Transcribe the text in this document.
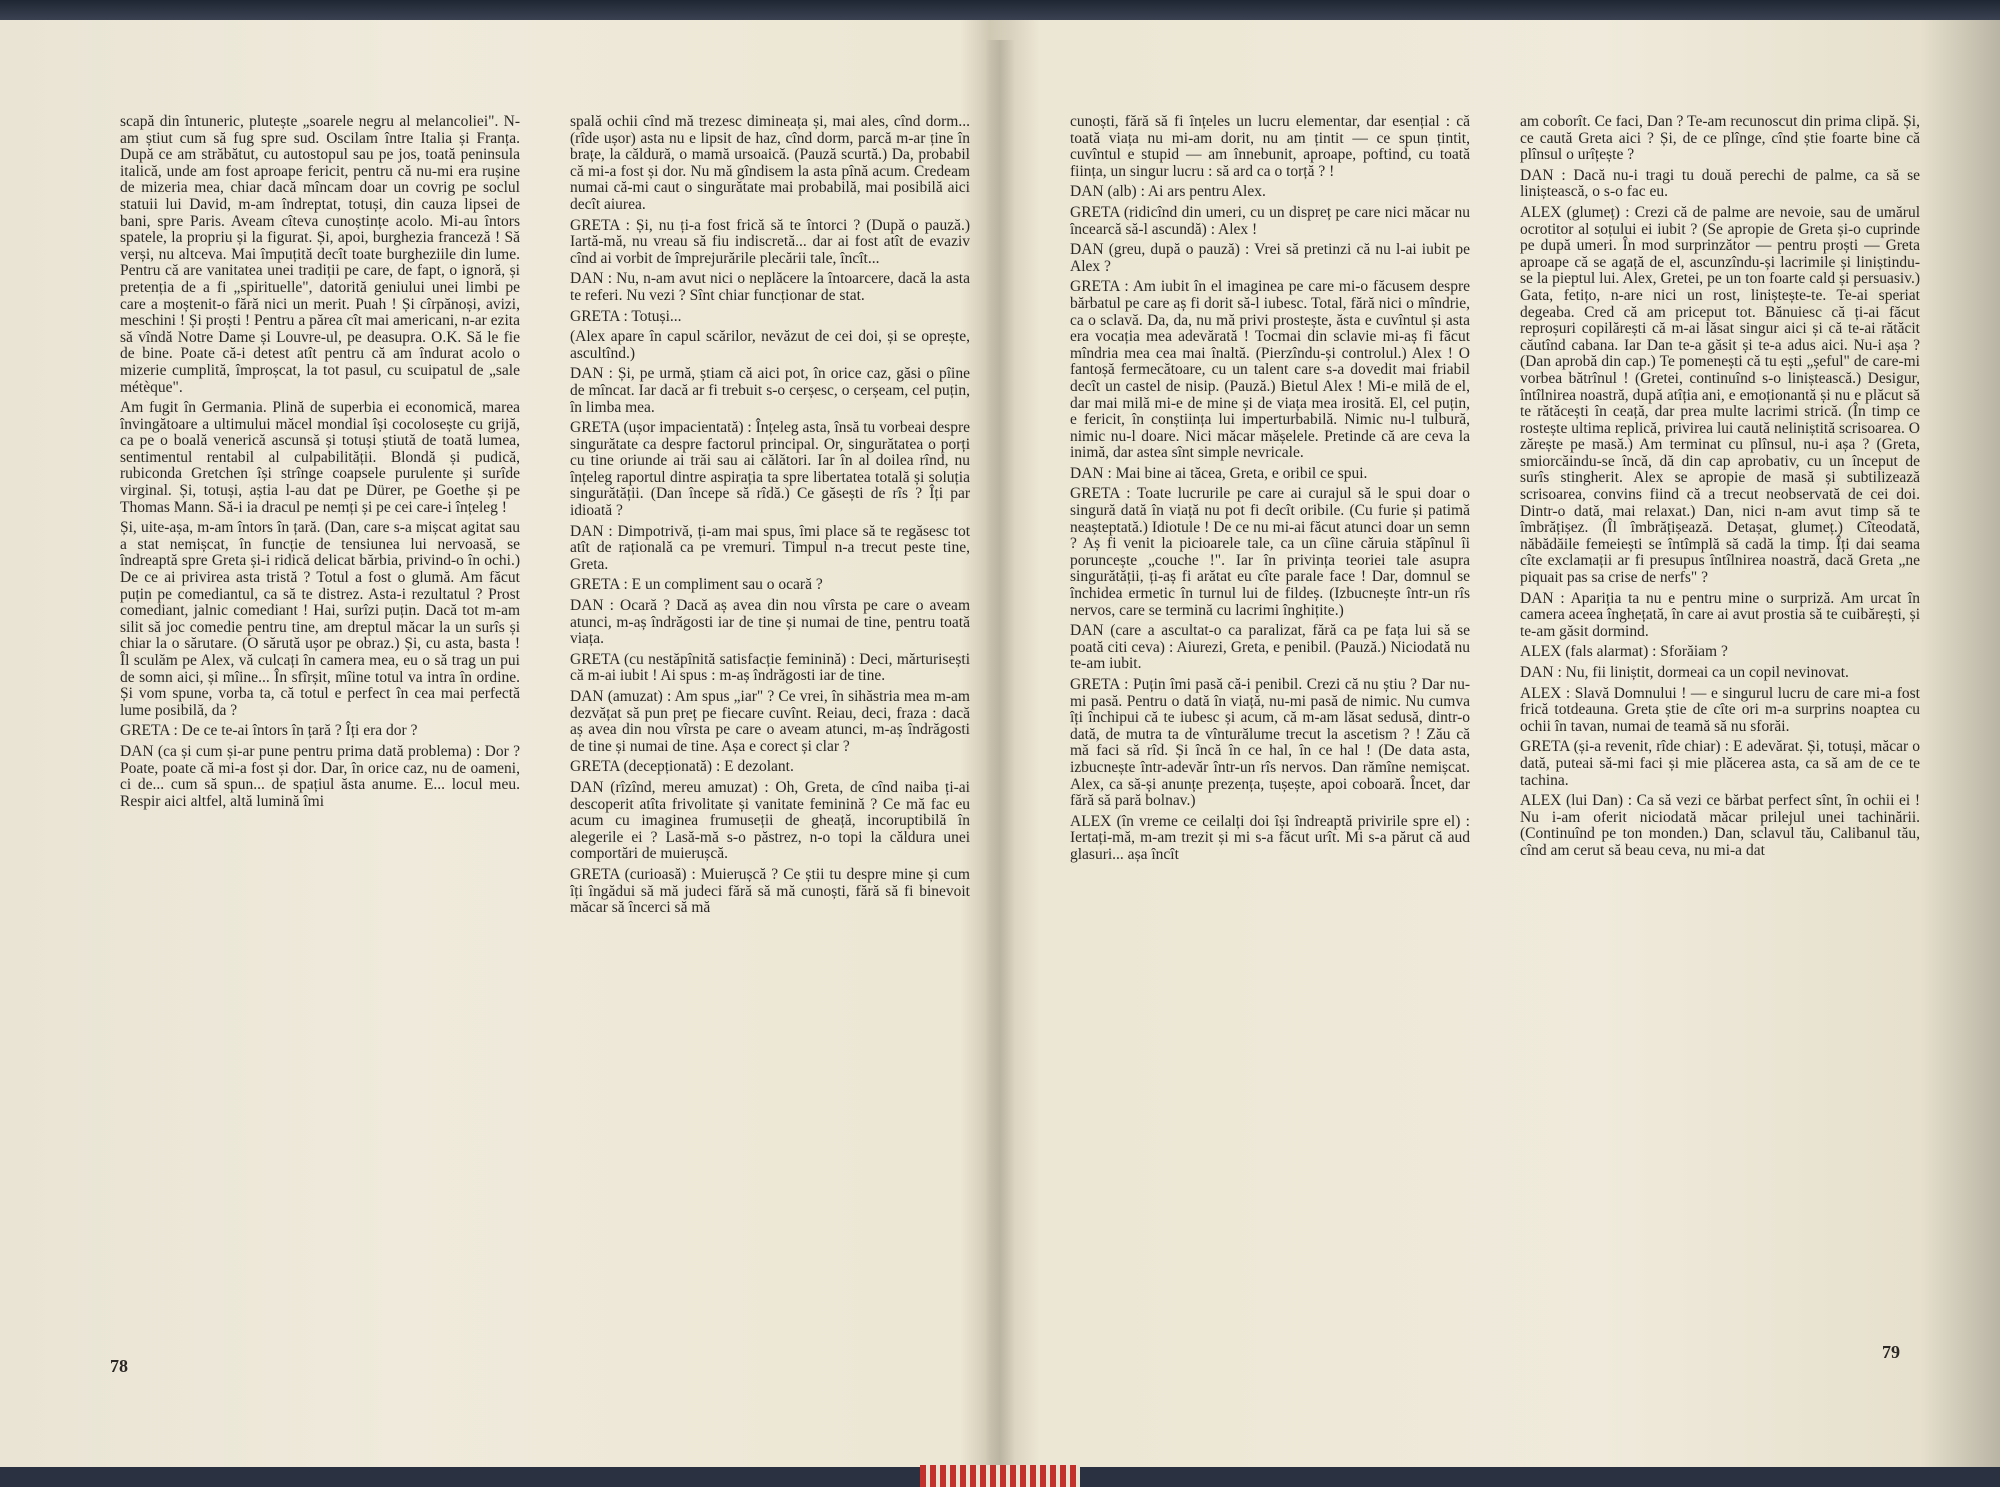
scapă din întuneric, plutește „soarele negru al melancoliei". N-am știut cum să fug spre sud. Oscilam între Italia și Franța. După ce am străbătut, cu autostopul sau pe jos, toată peninsula italică, unde am fost aproape fericit, pentru că nu-mi era rușine de mizeria mea, chiar dacă mîncam doar un covrig pe soclul statuii lui David, m-am îndreptat, totuși, din cauza lipsei de bani, spre Paris. Aveam cîteva cunoștințe acolo. Mi-au întors spatele, la propriu și la figurat. Și, apoi, burghezia franceză ! Să verși, nu altceva. Mai împuțită decît toate burgheziile din lume. Pentru că are vanitatea unei tradiții pe care, de fapt, o ignoră, și pretenția de a fi „spirituelle", datorită geniului unei limbi pe care a moștenit-o fără nici un merit. Puah ! Și cîrpănoși, avizi, meschini ! Și proști ! Pentru a părea cît mai americani, n-ar ezita să vîndă Notre Dame și Louvre-ul, pe deasupra. O.K. Să le fie de bine. Poate că-i detest atît pentru că am îndurat acolo o mizerie cumplită, împroșcat, la tot pasul, cu scuipatul de „sale métèque".

Am fugit în Germania. Plină de superbia ei economică, marea învingătoare a ultimului măcel mondial își cocolosește cu grijă, ca pe o boală venerică ascunsă și totuși știută de toată lumea, sentimentul rentabil al culpabilității. Blondă și pudică, rubiconda Gretchen își strînge coapsele purulente și surîde virginal. Și, totuși, aștia l-au dat pe Dürer, pe Goethe și pe Thomas Mann. Să-i ia dracul pe nemți și pe cei care-i înțeleg !

Și, uite-așa, m-am întors în țară. (Dan, care s-a mișcat agitat sau a stat nemișcat, în funcție de tensiunea lui nervoasă, se îndreaptă spre Greta și-i ridică delicat bărbia, privind-o în ochi.) De ce ai privirea asta tristă ? Totul a fost o glumă. Am făcut puțin pe comediantul, ca să te distrez. Asta-i rezultatul ? Prost comediant, jalnic comediant ! Hai, surîzi puțin. Dacă tot m-am silit să joc comedie pentru tine, am dreptul măcar la un surîs și chiar la o sărutare. (O sărută ușor pe obraz.) Și, cu asta, basta ! Îl sculăm pe Alex, vă culcați în camera mea, eu o să trag un pui de somn aici, și mîine... În sfîrșit, mîine totul va intra în ordine. Și vom spune, vorba ta, că totul e perfect în cea mai perfectă lume posibilă, da ?

GRETA : De ce te-ai întors în țară ? Îți era dor ?

DAN (ca și cum și-ar pune pentru prima dată problema) : Dor ? Poate, poate că mi-a fost și dor. Dar, în orice caz, nu de oameni, ci de... cum să spun... de spațiul ăsta anume. E... locul meu. Respir aici altfel, altă lumină îmi

spală ochii cînd mă trezesc dimineața și, mai ales, cînd dorm... (rîde ușor) asta nu e lipsit de haz, cînd dorm, parcă m-ar ține în brațe, la căldură, o mamă ursoaică. (Pauză scurtă.) Da, probabil că mi-a fost și dor. Nu mă gîndisem la asta pînă acum. Credeam numai că-mi caut o singurătate mai probabilă, mai posibilă aici decît aiurea.

GRETA : Și, nu ți-a fost frică să te întorci ? (După o pauză.) Iartă-mă, nu vreau să fiu indiscretă... dar ai fost atît de evaziv cînd ai vorbit de împrejurările plecării tale, încît...

DAN : Nu, n-am avut nici o neplăcere la întoarcere, dacă la asta te referi. Nu vezi ? Sînt chiar funcționar de stat.

GRETA : Totuși...

(Alex apare în capul scărilor, nevăzut de cei doi, și se oprește, ascultînd.)

DAN : Și, pe urmă, știam că aici pot, în orice caz, găsi o pîine de mîncat. Iar dacă ar fi trebuit s-o cerșesc, o cerșeam, cel puțin, în limba mea.

GRETA (ușor impacientată) : Înțeleg asta, însă tu vorbeai despre singurătate ca despre factorul principal. Or, singurătatea o porți cu tine oriunde ai trăi sau ai călători. Iar în al doilea rînd, nu înțeleg raportul dintre aspirația ta spre libertatea totală și soluția singurătății. (Dan începe să rîdă.) Ce găsești de rîs ? Îți par idioată ?

DAN : Dimpotrivă, ți-am mai spus, îmi place să te regăsesc tot atît de rațională ca pe vremuri. Timpul n-a trecut peste tine, Greta.

GRETA : E un compliment sau o ocară ?

DAN : Ocară ? Dacă aș avea din nou vîrsta pe care o aveam atunci, m-aș îndrăgosti iar de tine și numai de tine, pentru toată viața.

GRETA (cu nestăpînită satisfacție feminină) : Deci, mărturisești că m-ai iubit ! Ai spus : m-aș îndrăgosti iar de tine.

DAN (amuzat) : Am spus „iar" ? Ce vrei, în sihăstria mea m-am dezvățat să pun preț pe fiecare cuvînt. Reiau, deci, fraza : dacă aș avea din nou vîrsta pe care o aveam atunci, m-aș îndrăgosti de tine și numai de tine. Așa e corect și clar ?

GRETA (decepționată) : E dezolant.

DAN (rîzînd, mereu amuzat) : Oh, Greta, de cînd naiba ți-ai descoperit atîta frivolitate și vanitate feminină ? Ce mă fac eu acum cu imaginea frumuseții de gheață, incoruptibilă în alegerile ei ? Lasă-mă s-o păstrez, n-o topi la căldura unei comportări de muierușcă.

GRETA (curioasă) : Muierușcă ? Ce știi tu despre mine și cum îți îngădui să mă judeci fără să mă cunoști, fără să fi binevoit măcar să încerci să mă

78

cunoști, fără să fi înțeles un lucru elementar, dar esențial : că toată viața nu mi-am dorit, nu am țintit — ce spun țintit, cuvîntul e stupid — am înnebunit, aproape, poftind, cu toată ființa, un singur lucru : să ard ca o torță ? !

DAN (alb) : Ai ars pentru Alex.

GRETA (ridicînd din umeri, cu un dispreț pe care nici măcar nu încearcă să-l ascundă) : Alex !

DAN (greu, după o pauză) : Vrei să pretinzi că nu l-ai iubit pe Alex ?

GRETA : Am iubit în el imaginea pe care mi-o făcusem despre bărbatul pe care aș fi dorit să-l iubesc. Total, fără nici o mîndrie, ca o sclavă. Da, da, nu mă privi prostește, ăsta e cuvîntul și asta era vocația mea adevărată ! Tocmai din sclavie mi-aș fi făcut mîndria mea cea mai înaltă. (Pierzîndu-și controlul.) Alex ! O fantoșă fermecătoare, cu un talent care s-a dovedit mai friabil decît un castel de nisip. (Pauză.) Bietul Alex ! Mi-e milă de el, dar mai milă mi-e de mine și de viața mea irosită. El, cel puțin, e fericit, în conștiința lui imperturbabilă. Nimic nu-l tulbură, nimic nu-l doare. Nici măcar mășelele. Pretinde că are ceva la inimă, dar astea sînt simple nevricale.

DAN : Mai bine ai tăcea, Greta, e oribil ce spui.

GRETA : Toate lucrurile pe care ai curajul să le spui doar o singură dată în viață nu pot fi decît oribile. (Cu furie și patimă neașteptată.) Idiotule ! De ce nu mi-ai făcut atunci doar un semn ? Aș fi venit la picioarele tale, ca un cîine căruia stăpînul îi poruncește „couche !". Iar în privința teoriei tale asupra singurătății, ți-aș fi arătat eu cîte parale face ! Dar, domnul se închidea ermetic în turnul lui de fildeș. (Izbucnește într-un rîs nervos, care se termină cu lacrimi înghițite.)

DAN (care a ascultat-o ca paralizat, fără ca pe fața lui să se poată citi ceva) : Aiurezi, Greta, e penibil. (Pauză.) Niciodată nu te-am iubit.

GRETA : Puțin îmi pasă că-i penibil. Crezi că nu știu ? Dar nu-mi pasă. Pentru o dată în viață, nu-mi pasă de nimic. Nu cumva îți închipui că te iubesc și acum, că m-am lăsat sedusă, dintr-o dată, de mutra ta de vînturălume trecut la ascetism ? ! Zău că mă faci să rîd. Și încă în ce hal, în ce hal ! (De data asta, izbucnește într-adevăr într-un rîs nervos. Dan rămîne nemișcat. Alex, ca să-și anunțe prezența, tușește, apoi coboară. Încet, dar fără să pară bolnav.)

ALEX (în vreme ce ceilalți doi își îndreaptă privirile spre el) : Iertați-mă, m-am trezit și mi s-a făcut urît. Mi s-a părut că aud glasuri... așa încît

am coborît. Ce faci, Dan ? Te-am recunoscut din prima clipă. Și, ce caută Greta aici ? Și, de ce plînge, cînd știe foarte bine că plînsul o urîțește ?

DAN : Dacă nu-i tragi tu două perechi de palme, ca să se liniștească, o s-o fac eu.

ALEX (glumeț) : Crezi că de palme are nevoie, sau de umărul ocrotitor al soțului ei iubit ? (Se apropie de Greta și-o cuprinde pe după umeri. În mod surprinzător — pentru proști — Greta aproape că se agață de el, ascunzîndu-și lacrimile și liniștindu-se la pieptul lui. Alex, Gretei, pe un ton foarte cald și persuasiv.) Gata, fetițo, n-are nici un rost, liniștește-te. Te-ai speriat degeaba. Cred că am priceput tot. Bănuiesc că ți-ai făcut reproșuri copilărești că m-ai lăsat singur aici și că te-ai rătăcit căutînd cabana. Iar Dan te-a găsit și te-a adus aici. Nu-i așa ? (Dan aprobă din cap.) Te pomenești că tu ești „șeful" de care-mi vorbea bătrînul ! (Gretei, continuînd s-o liniștească.) Desigur, întîlnirea noastră, după atîția ani, e emoționantă și nu e plăcut să te rătăcești în ceață, dar prea multe lacrimi strică. (În timp ce rostește ultima replică, privirea lui caută neliniștită scrisoarea. O zărește pe masă.) Am terminat cu plînsul, nu-i așa ? (Greta, smiorcăindu-se încă, dă din cap aprobativ, cu un început de surîs stingherit. Alex se apropie de masă și subtilizează scrisoarea, convins fiind că a trecut neobservată de cei doi. Dintr-o dată, mai relaxat.) Dan, nici n-am avut timp să te îmbrățișez. (Îl îmbrățișează. Detașat, glumeț.) Cîteodată, năbădăile femeiești se întîmplă să cadă la timp. Îți dai seama cîte exclamații ar fi presupus întîlnirea noastră, dacă Greta „ne piquait pas sa crise de nerfs" ?

DAN : Apariția ta nu e pentru mine o surpriză. Am urcat în camera aceea înghețată, în care ai avut prostia să te cuibărești, și te-am găsit dormind.

ALEX (fals alarmat) : Sforăiam ?

DAN : Nu, fii liniștit, dormeai ca un copil nevinovat.

ALEX : Slavă Domnului ! — e singurul lucru de care mi-a fost frică totdeauna. Greta știe de cîte ori m-a surprins noaptea cu ochii în tavan, numai de teamă să nu sforăi.

GRETA (și-a revenit, rîde chiar) : E adevărat. Și, totuși, măcar o dată, puteai să-mi faci și mie plăcerea asta, ca să am de ce te tachina.

ALEX (lui Dan) : Ca să vezi ce bărbat perfect sînt, în ochii ei ! Nu i-am oferit niciodată măcar prilejul unei tachinării. (Continuînd pe ton monden.) Dan, sclavul tău, Calibanul tău, cînd am cerut să beau ceva, nu mi-a dat

79
